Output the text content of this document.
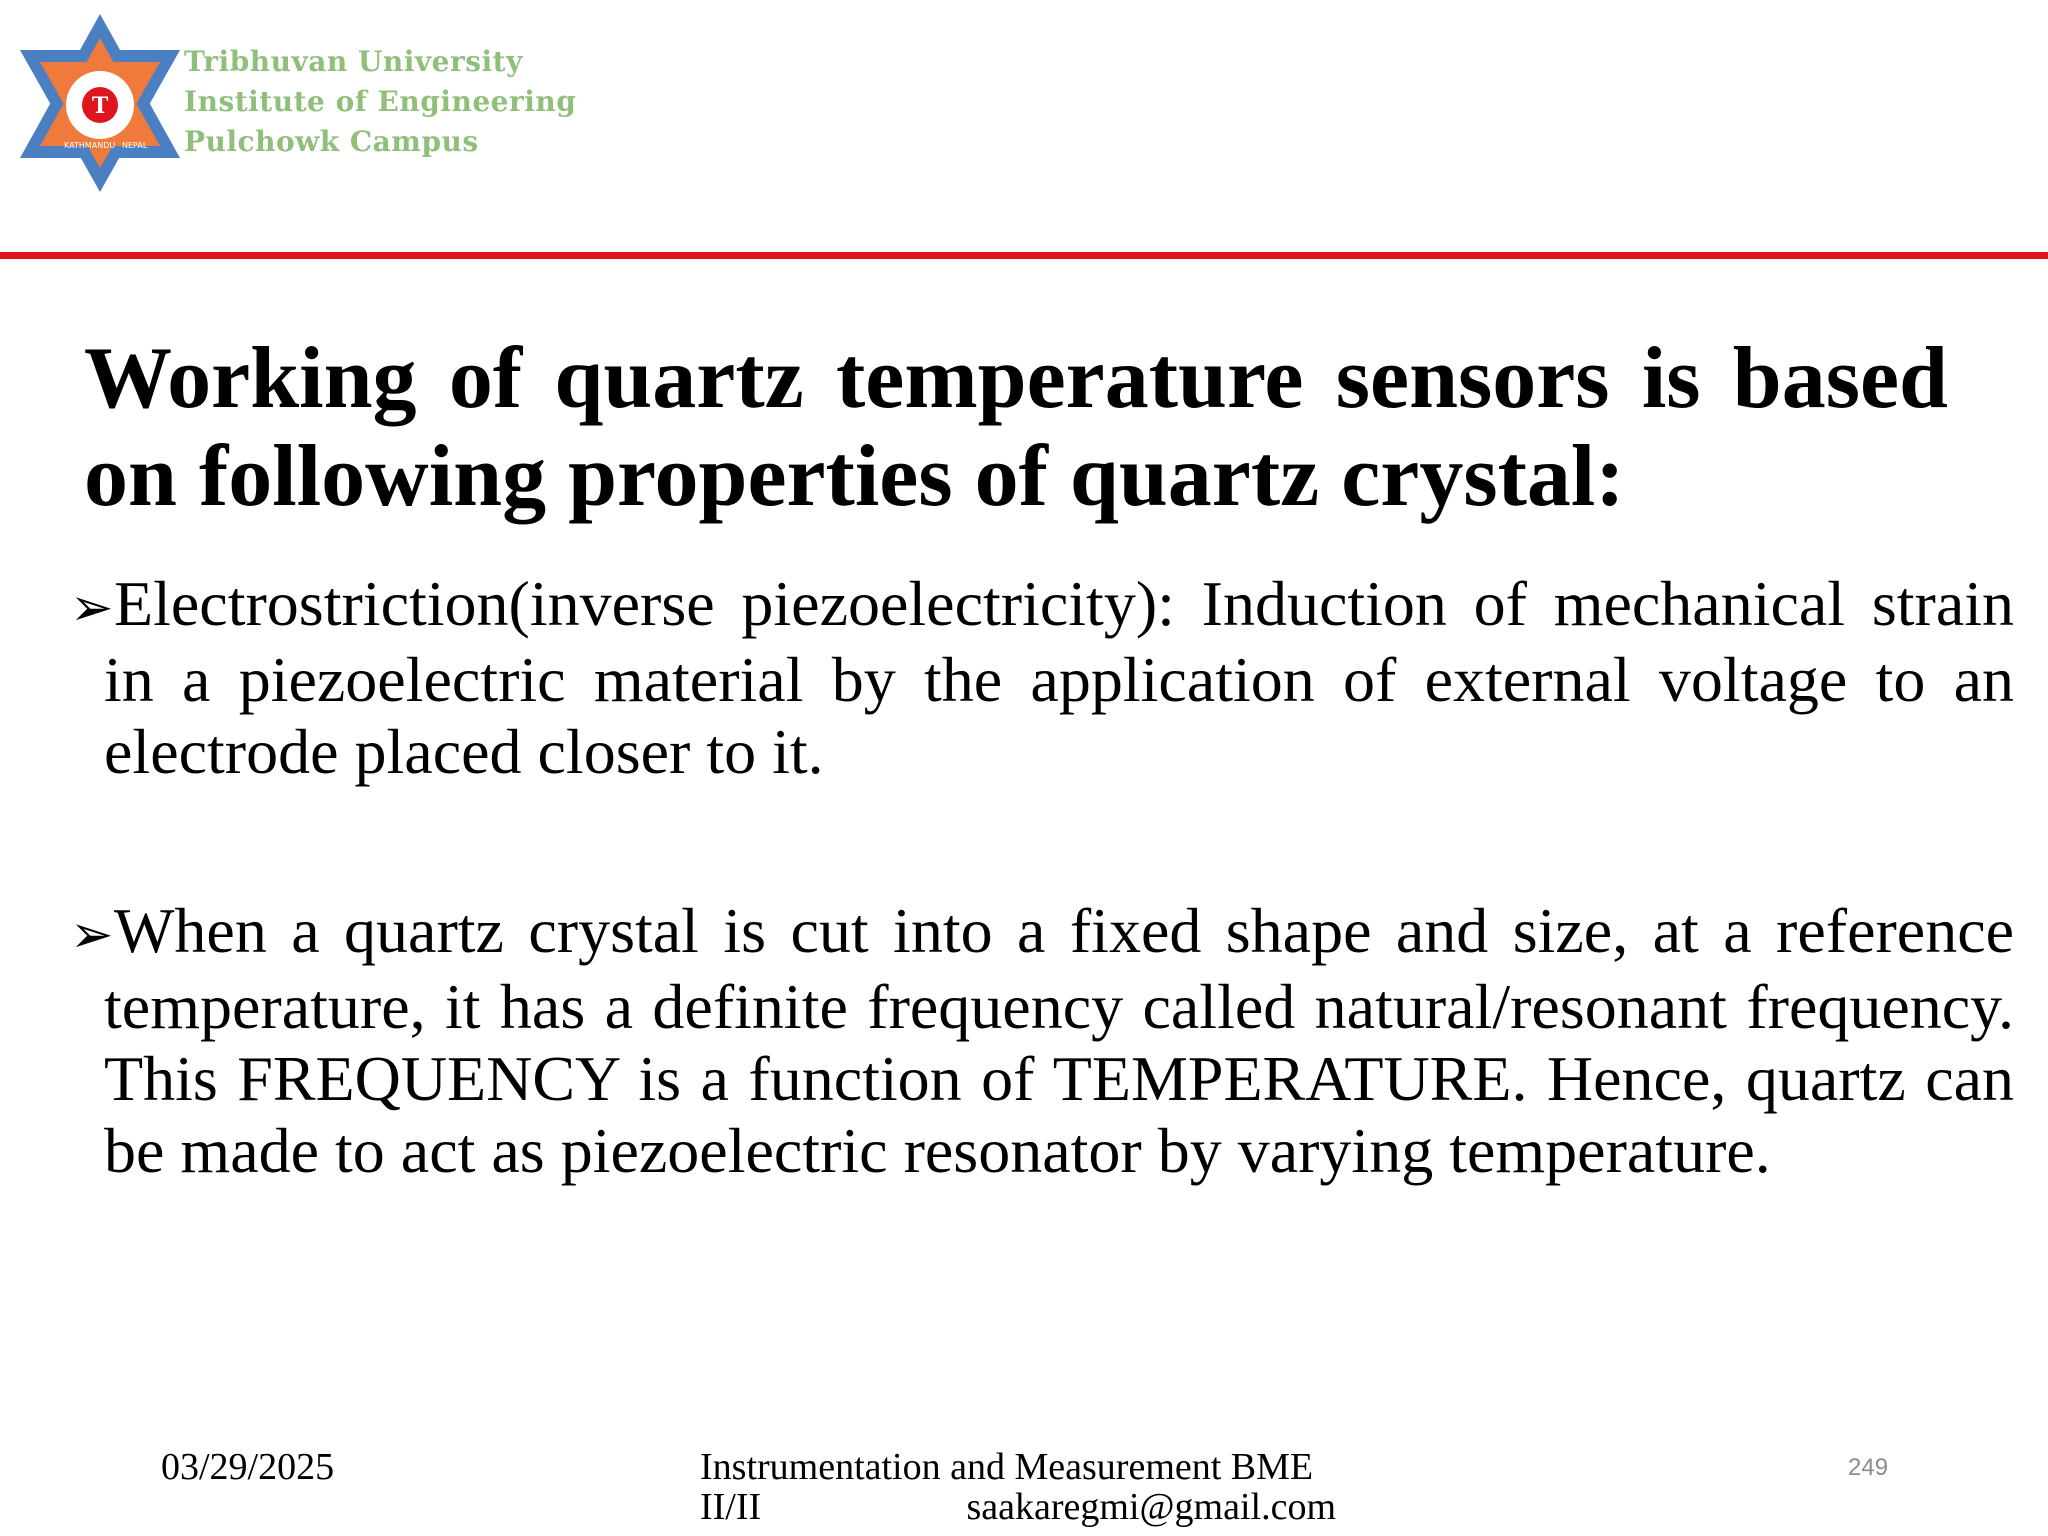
T
KATHMANDU NEPAL
Tribhuvan University
Institute of Engineering
Pulchowk Campus
Working of quartz temperature sensors is based on following properties of quartz crystal:
➢Electrostriction(inverse piezoelectricity): Induction of mechanical strain in a piezoelectric material by the application of external voltage to an electrode placed closer to it.
➢When a quartz crystal is cut into a fixed shape and size, at a reference temperature, it has a definite frequency called natural/resonant frequency. This FREQUENCY is a function of TEMPERATURE. Hence, quartz can be made to act as piezoelectric resonator by varying temperature.
03/29/2025	Instrumentation and Measurement BME
II/II	saakaregmi@gmail.com
249
